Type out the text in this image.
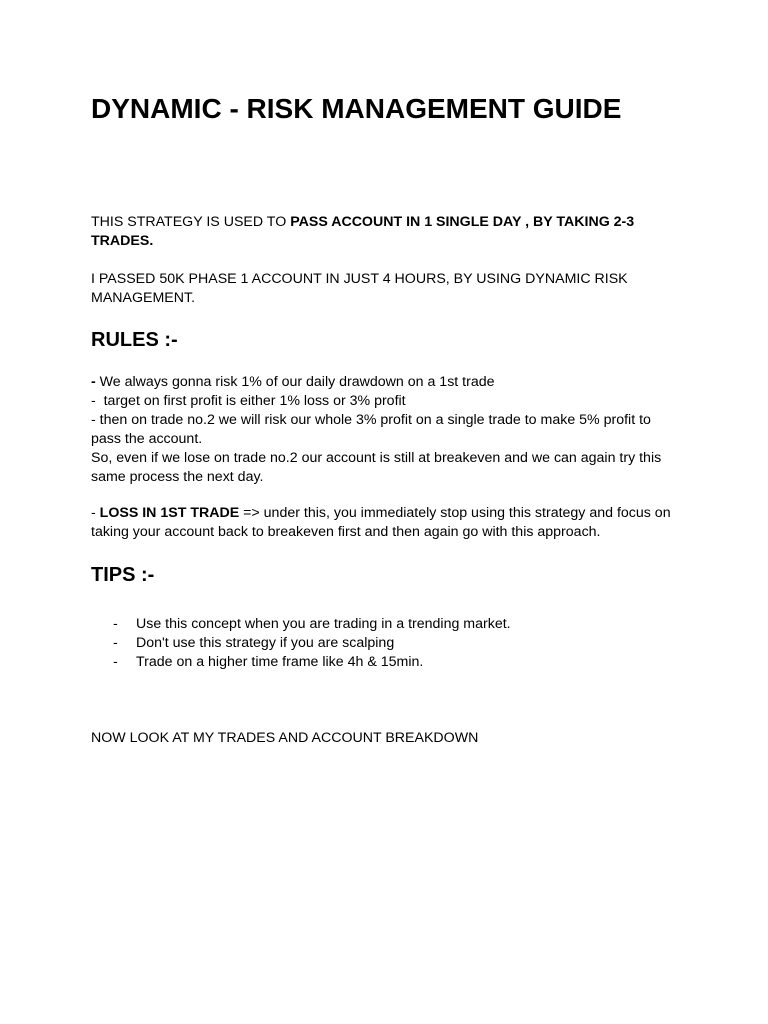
DYNAMIC - RISK MANAGEMENT GUIDE

THIS STRATEGY IS USED TO PASS ACCOUNT IN 1 SINGLE DAY , BY TAKING 2-3 TRADES.

I PASSED 50K PHASE 1 ACCOUNT IN JUST 4 HOURS, BY USING DYNAMIC RISK MANAGEMENT.

RULES :-
- We always gonna risk 1% of our daily drawdown on a 1st trade
-  target on first profit is either 1% loss or 3% profit
- then on trade no.2 we will risk our whole 3% profit on a single trade to make 5% profit to pass the account.
So, even if we lose on trade no.2 our account is still at breakeven and we can again try this same process the next day.

- LOSS IN 1ST TRADE => under this, you immediately stop using this strategy and focus on taking your account back to breakeven first and then again go with this approach.

TIPS :-
- Use this concept when you are trading in a trending market.
- Don't use this strategy if you are scalping
- Trade on a higher time frame like 4h & 15min.

NOW LOOK AT MY TRADES AND ACCOUNT BREAKDOWN
